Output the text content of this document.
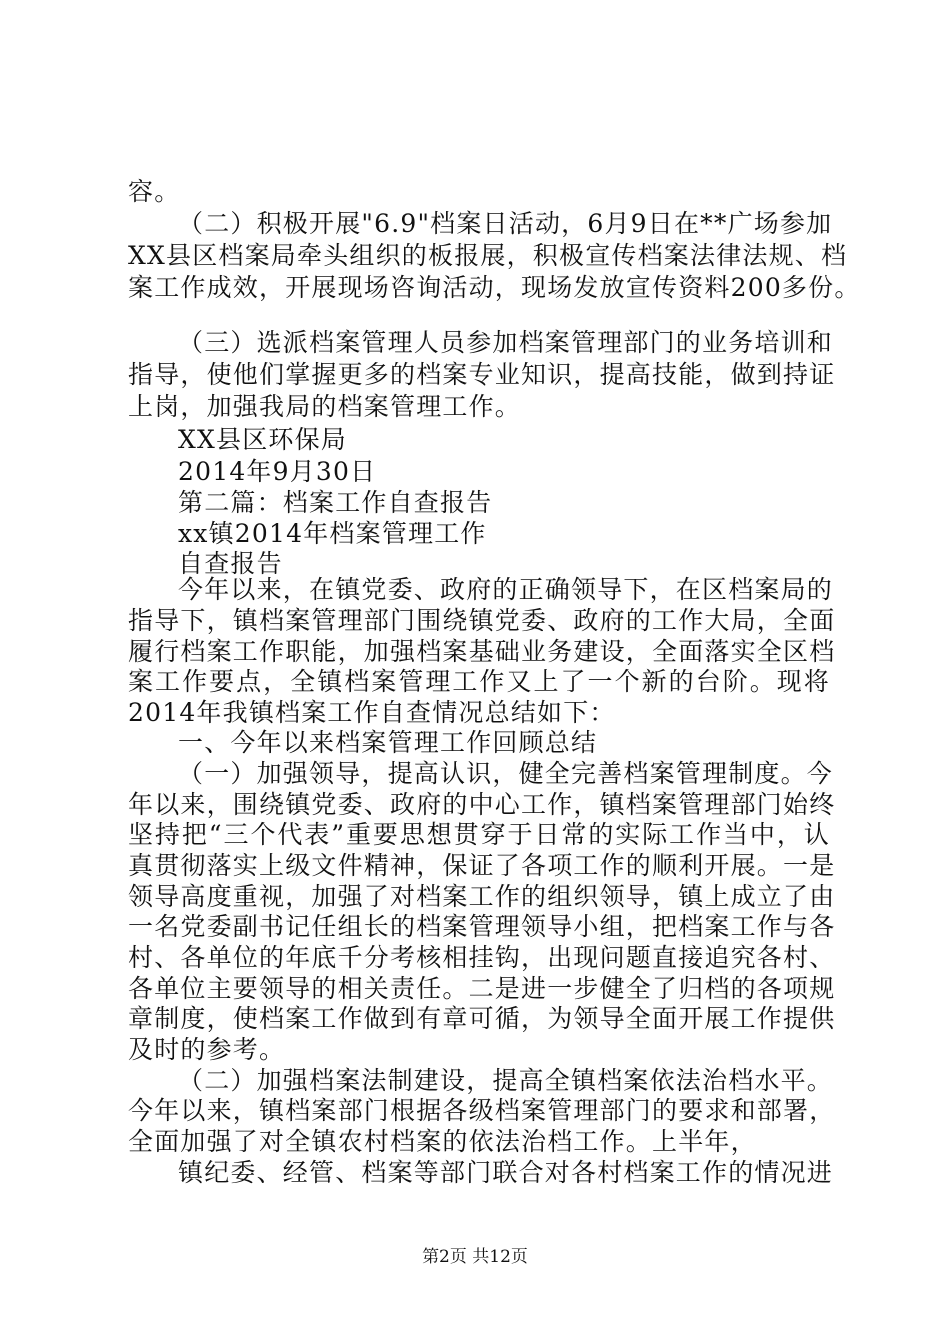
容。
（二）积极开展"6.9"档案日活动，6月9日在**广场参加
XX县区档案局牵头组织的板报展，积极宣传档案法律法规、档
案工作成效，开展现场咨询活动，现场发放宣传资料200多份。
（三）选派档案管理人员参加档案管理部门的业务培训和
指导，使他们掌握更多的档案专业知识，提高技能，做到持证
上岗，加强我局的档案管理工作。
XX县区环保局
2014年9月30日
第二篇：档案工作自查报告
xx镇2014年档案管理工作
自查报告
今年以来，在镇党委、政府的正确领导下，在区档案局的
指导下，镇档案管理部门围绕镇党委、政府的工作大局，全面
履行档案工作职能，加强档案基础业务建设，全面落实全区档
案工作要点，全镇档案管理工作又上了一个新的台阶。现将
2014年我镇档案工作自查情况总结如下：
一、今年以来档案管理工作回顾总结
（一）加强领导，提高认识，健全完善档案管理制度。今
年以来，围绕镇党委、政府的中心工作，镇档案管理部门始终
坚持把“三个代表”重要思想贯穿于日常的实际工作当中，认
真贯彻落实上级文件精神，保证了各项工作的顺利开展。一是
领导高度重视，加强了对档案工作的组织领导，镇上成立了由
一名党委副书记任组长的档案管理领导小组，把档案工作与各
村、各单位的年底千分考核相挂钩，出现问题直接追究各村、
各单位主要领导的相关责任。二是进一步健全了归档的各项规
章制度，使档案工作做到有章可循，为领导全面开展工作提供
及时的参考。
（二）加强档案法制建设，提高全镇档案依法治档水平。
今年以来，镇档案部门根据各级档案管理部门的要求和部署，
全面加强了对全镇农村档案的依法治档工作。上半年，
镇纪委、经管、档案等部门联合对各村档案工作的情况进
第2页 共12页
